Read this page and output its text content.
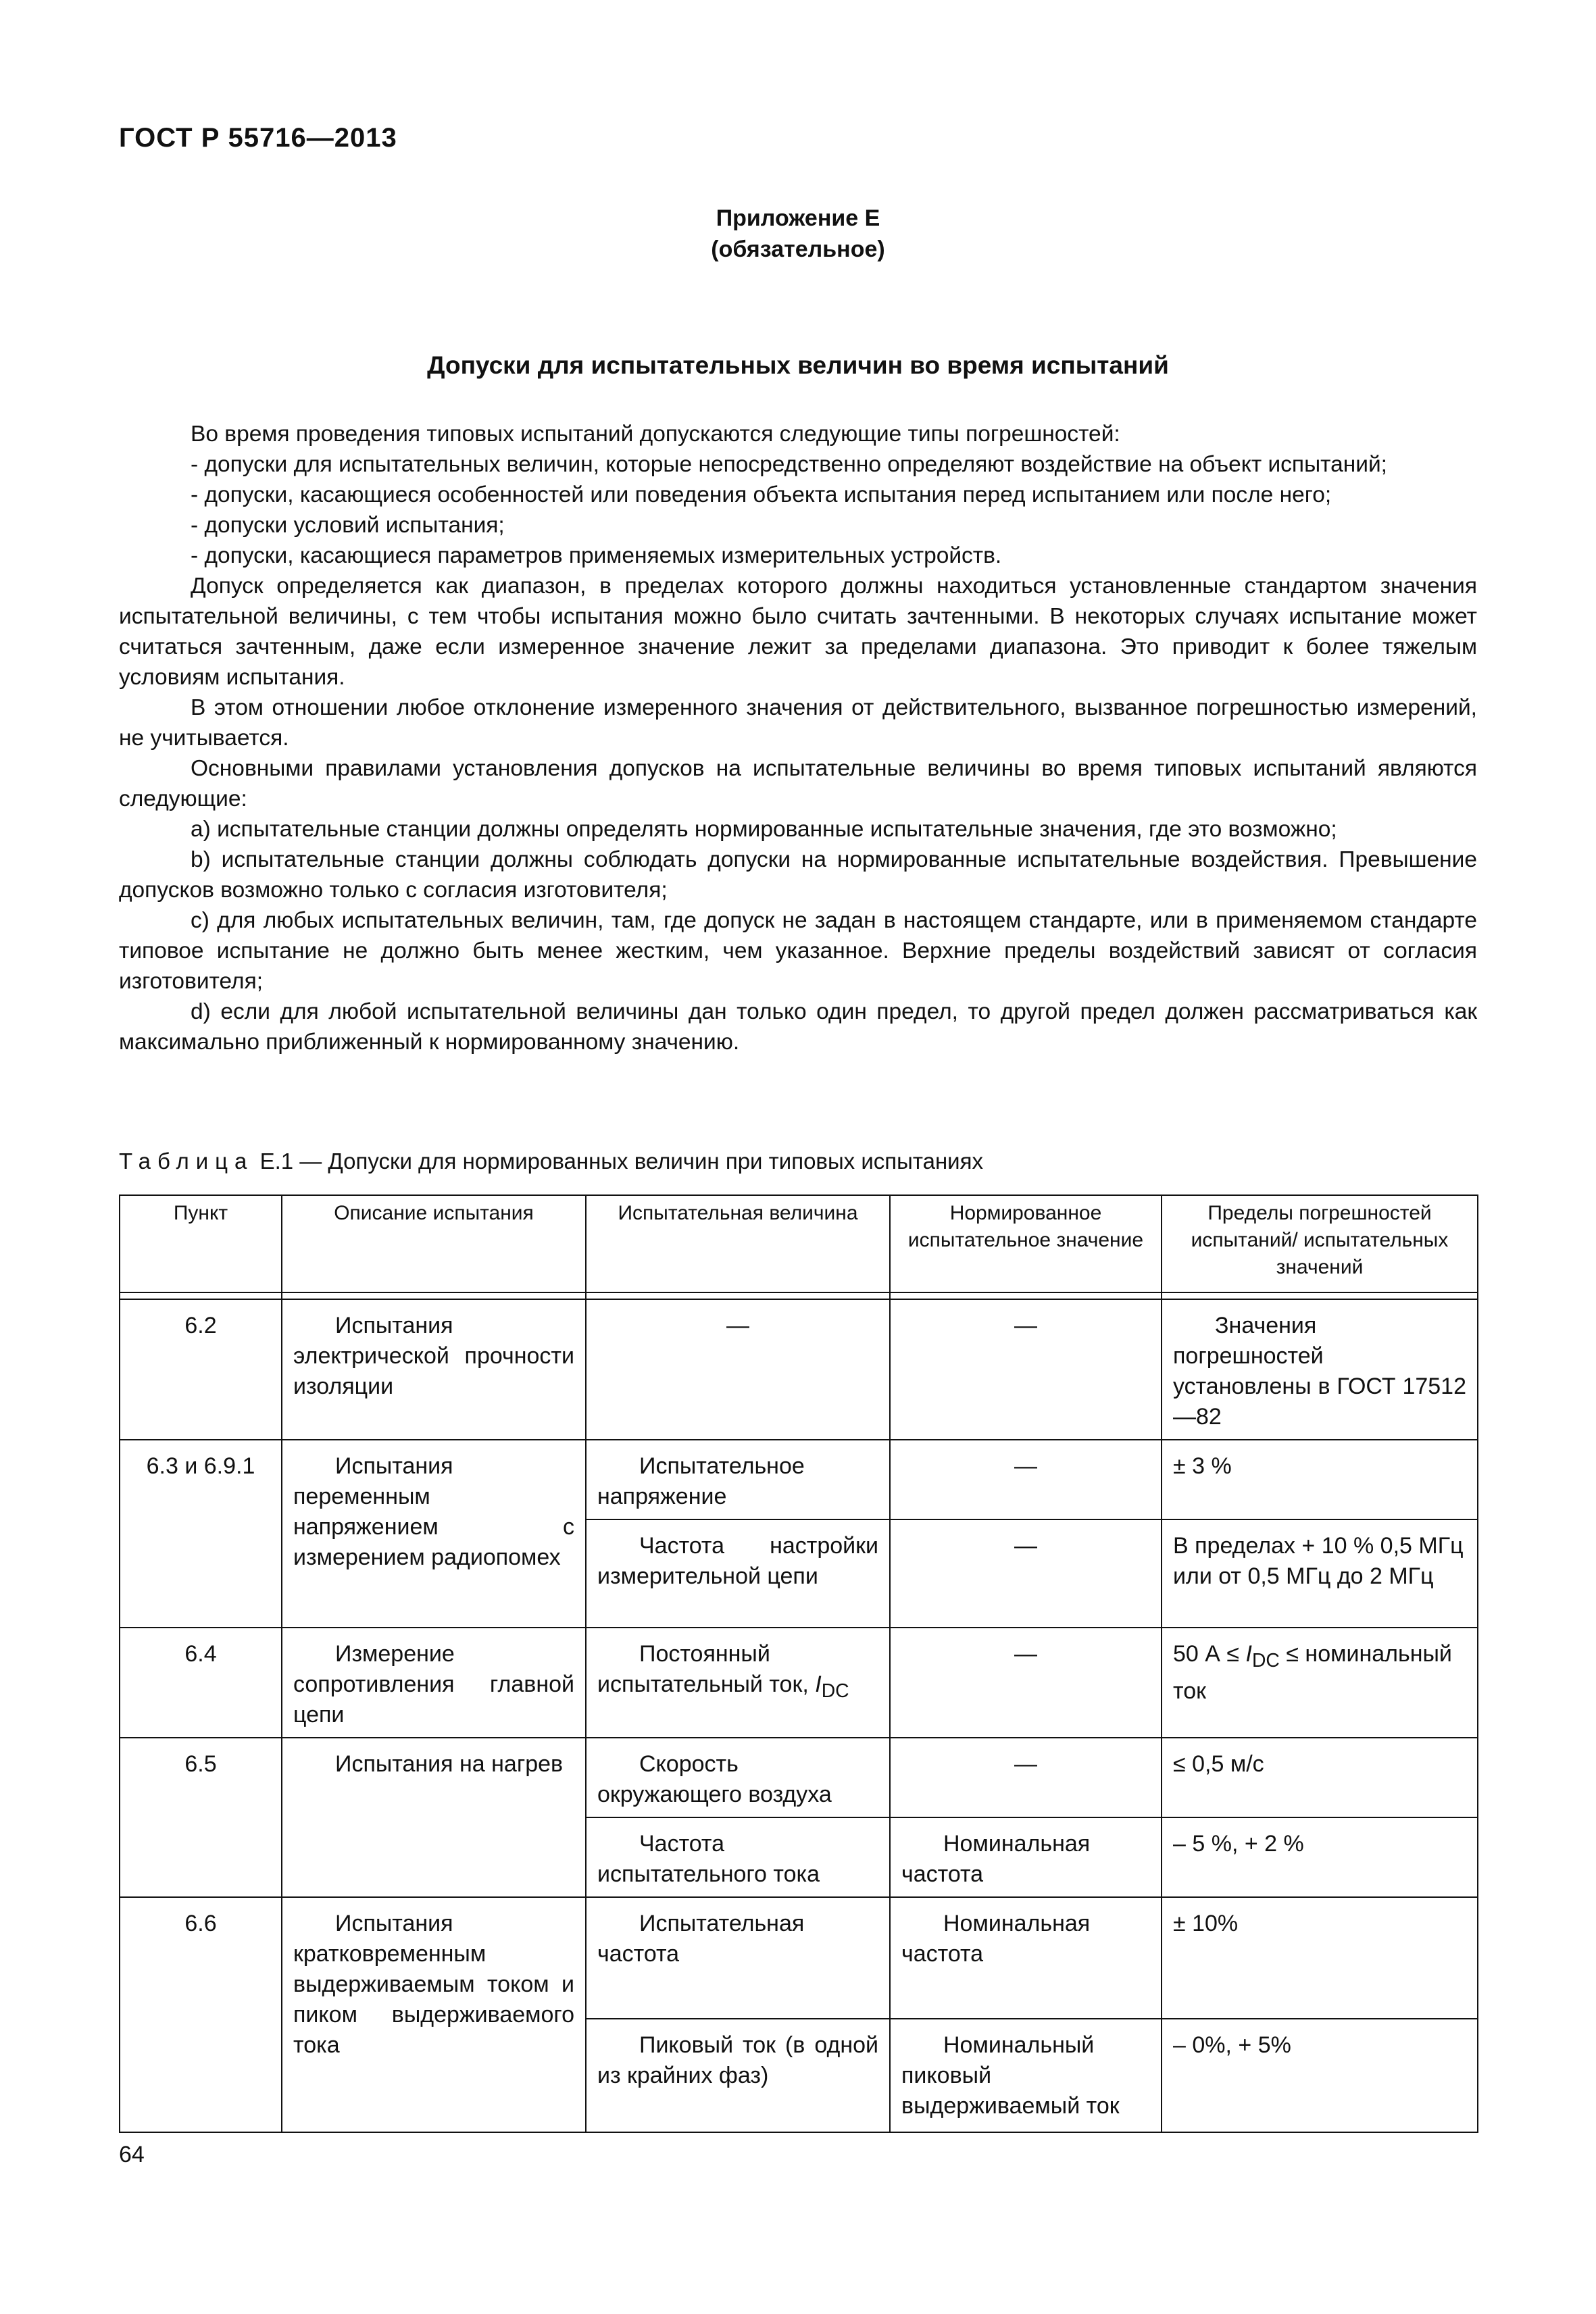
ГОСТ Р 55716—2013
Приложение Е
(обязательное)
Допуски для испытательных величин во время испытаний

Во время проведения типовых испытаний допускаются следующие типы погрешностей:

- допуски для испытательных величин, которые непосредственно определяют воздействие на объект испытаний;

- допуски, касающиеся особенностей или поведения объекта испытания перед испытанием или после него;

- допуски условий испытания;

- допуски, касающиеся параметров применяемых измерительных устройств.

Допуск определяется как диапазон, в пределах которого должны находиться установленные стандартом значения испытательной величины, с тем чтобы испытания можно было считать зачтенными. В некоторых случаях испытание может считаться зачтенным, даже если измеренное значение лежит за пределами диапазона. Это приводит к более тяжелым условиям испытания.

В этом отношении любое отклонение измеренного значения от действительного, вызванное погрешностью измерений, не учитывается.

Основными правилами установления допусков на испытательные величины во время типовых испытаний являются следующие:

a) испытательные станции должны определять нормированные испытательные значения, где это возможно;

b) испытательные станции должны соблюдать допуски на нормированные испытательные воздействия. Превышение допусков возможно только с согласия изготовителя;

c) для любых испытательных величин, там, где допуск не задан в настоящем стандарте, или в применяемом стандарте типовое испытание не должно быть менее жестким, чем указанное. Верхние пределы воздействий зависят от согласия изготовителя;

d) если для любой испытательной величины дан только один предел, то другой предел должен рассматриваться как максимально приближенный к нормированному значению.

Таблица Е.1 — Допуски для нормированных величин при типовых испытаниях
Пункт	Описание испытания	Испытательная величина	Нормированное испытательное значение	Пределы погрешностей испытаний/ испытательных значений

6.2	Испытания электрической прочности изоляции	—	—	Значения погрешностей установлены в ГОСТ 17512—82
6.3 и 6.9.1	Испытания переменным напряжением с измерением радиопомех	Испытательное напряжение	—	± 3 %
		Частота настройки измерительной цепи	—	В пределах + 10 % 0,5 МГц или от 0,5 МГц до 2 МГц
6.4	Измерение сопротивления главной цепи	Постоянный испытательный ток, $I_{DC}$	—	50 $А \le I_{DC}$ ≤ номинальный ток
6.5	Испытания на нагрев	Скорость окружающего воздуха	—	≤ 0,5 м/с
		Частота испытательного тока	Номинальная частота	– 5 %, + 2 %
6.6	Испытания кратковременным выдерживаемым током и пиком выдерживаемого тока	Испытательная частота	Номинальная частота	± 10%
		Пиковый ток (в одной из крайних фаз)	Номинальный пиковый выдерживаемый ток	– 0%, + 5%
64
